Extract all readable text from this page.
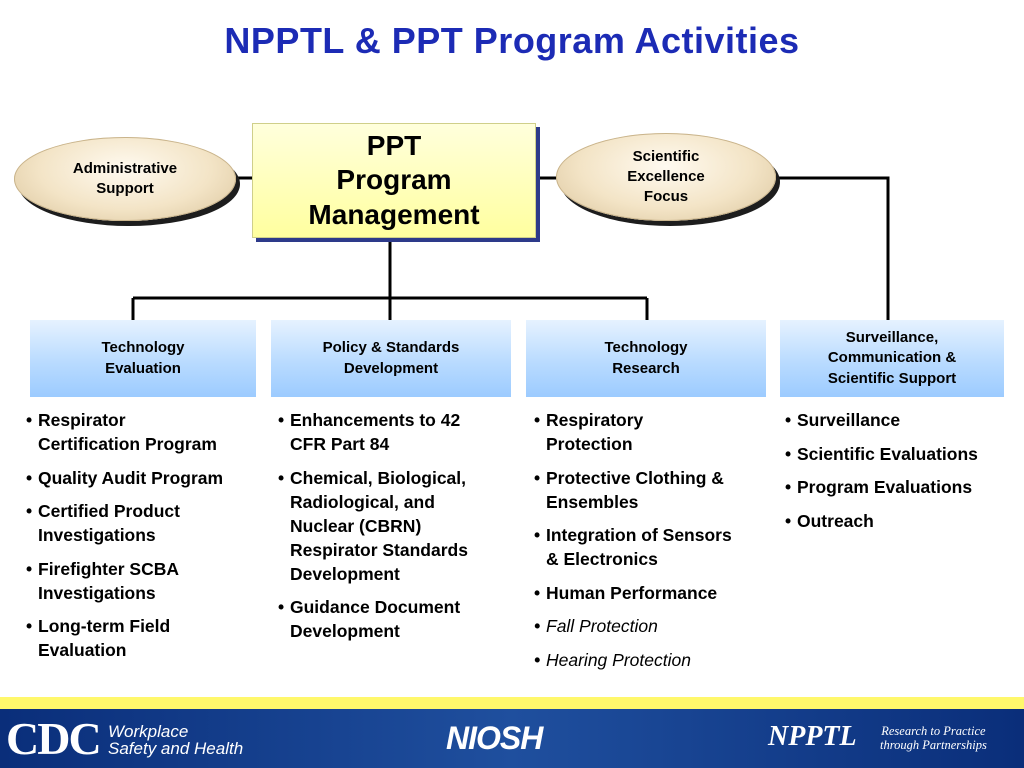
NPPTL & PPT Program Activities
Administrative
Support
PPT
Program
Management
Scientific
Excellence
Focus
Technology
Evaluation
Policy & Standards
Development
Technology
Research
Surveillance,
Communication &
Scientific Support
• Respirator
Certification Program
• Quality Audit Program
• Certified Product
Investigations
• Firefighter SCBA
Investigations
• Long-term Field
Evaluation
• Enhancements to 42
CFR Part 84
• Chemical, Biological,
Radiological, and
Nuclear (CBRN)
Respirator Standards
Development
• Guidance Document
Development
• Respiratory
Protection
• Protective Clothing &
Ensembles
• Integration of Sensors
& Electronics
• Human Performance
• Fall Protection
• Hearing Protection
• Surveillance
• Scientific Evaluations
• Program Evaluations
• Outreach
CDC Workplace
Safety and Health	NIOSH	NPPTL Research to Practice
through Partnerships
